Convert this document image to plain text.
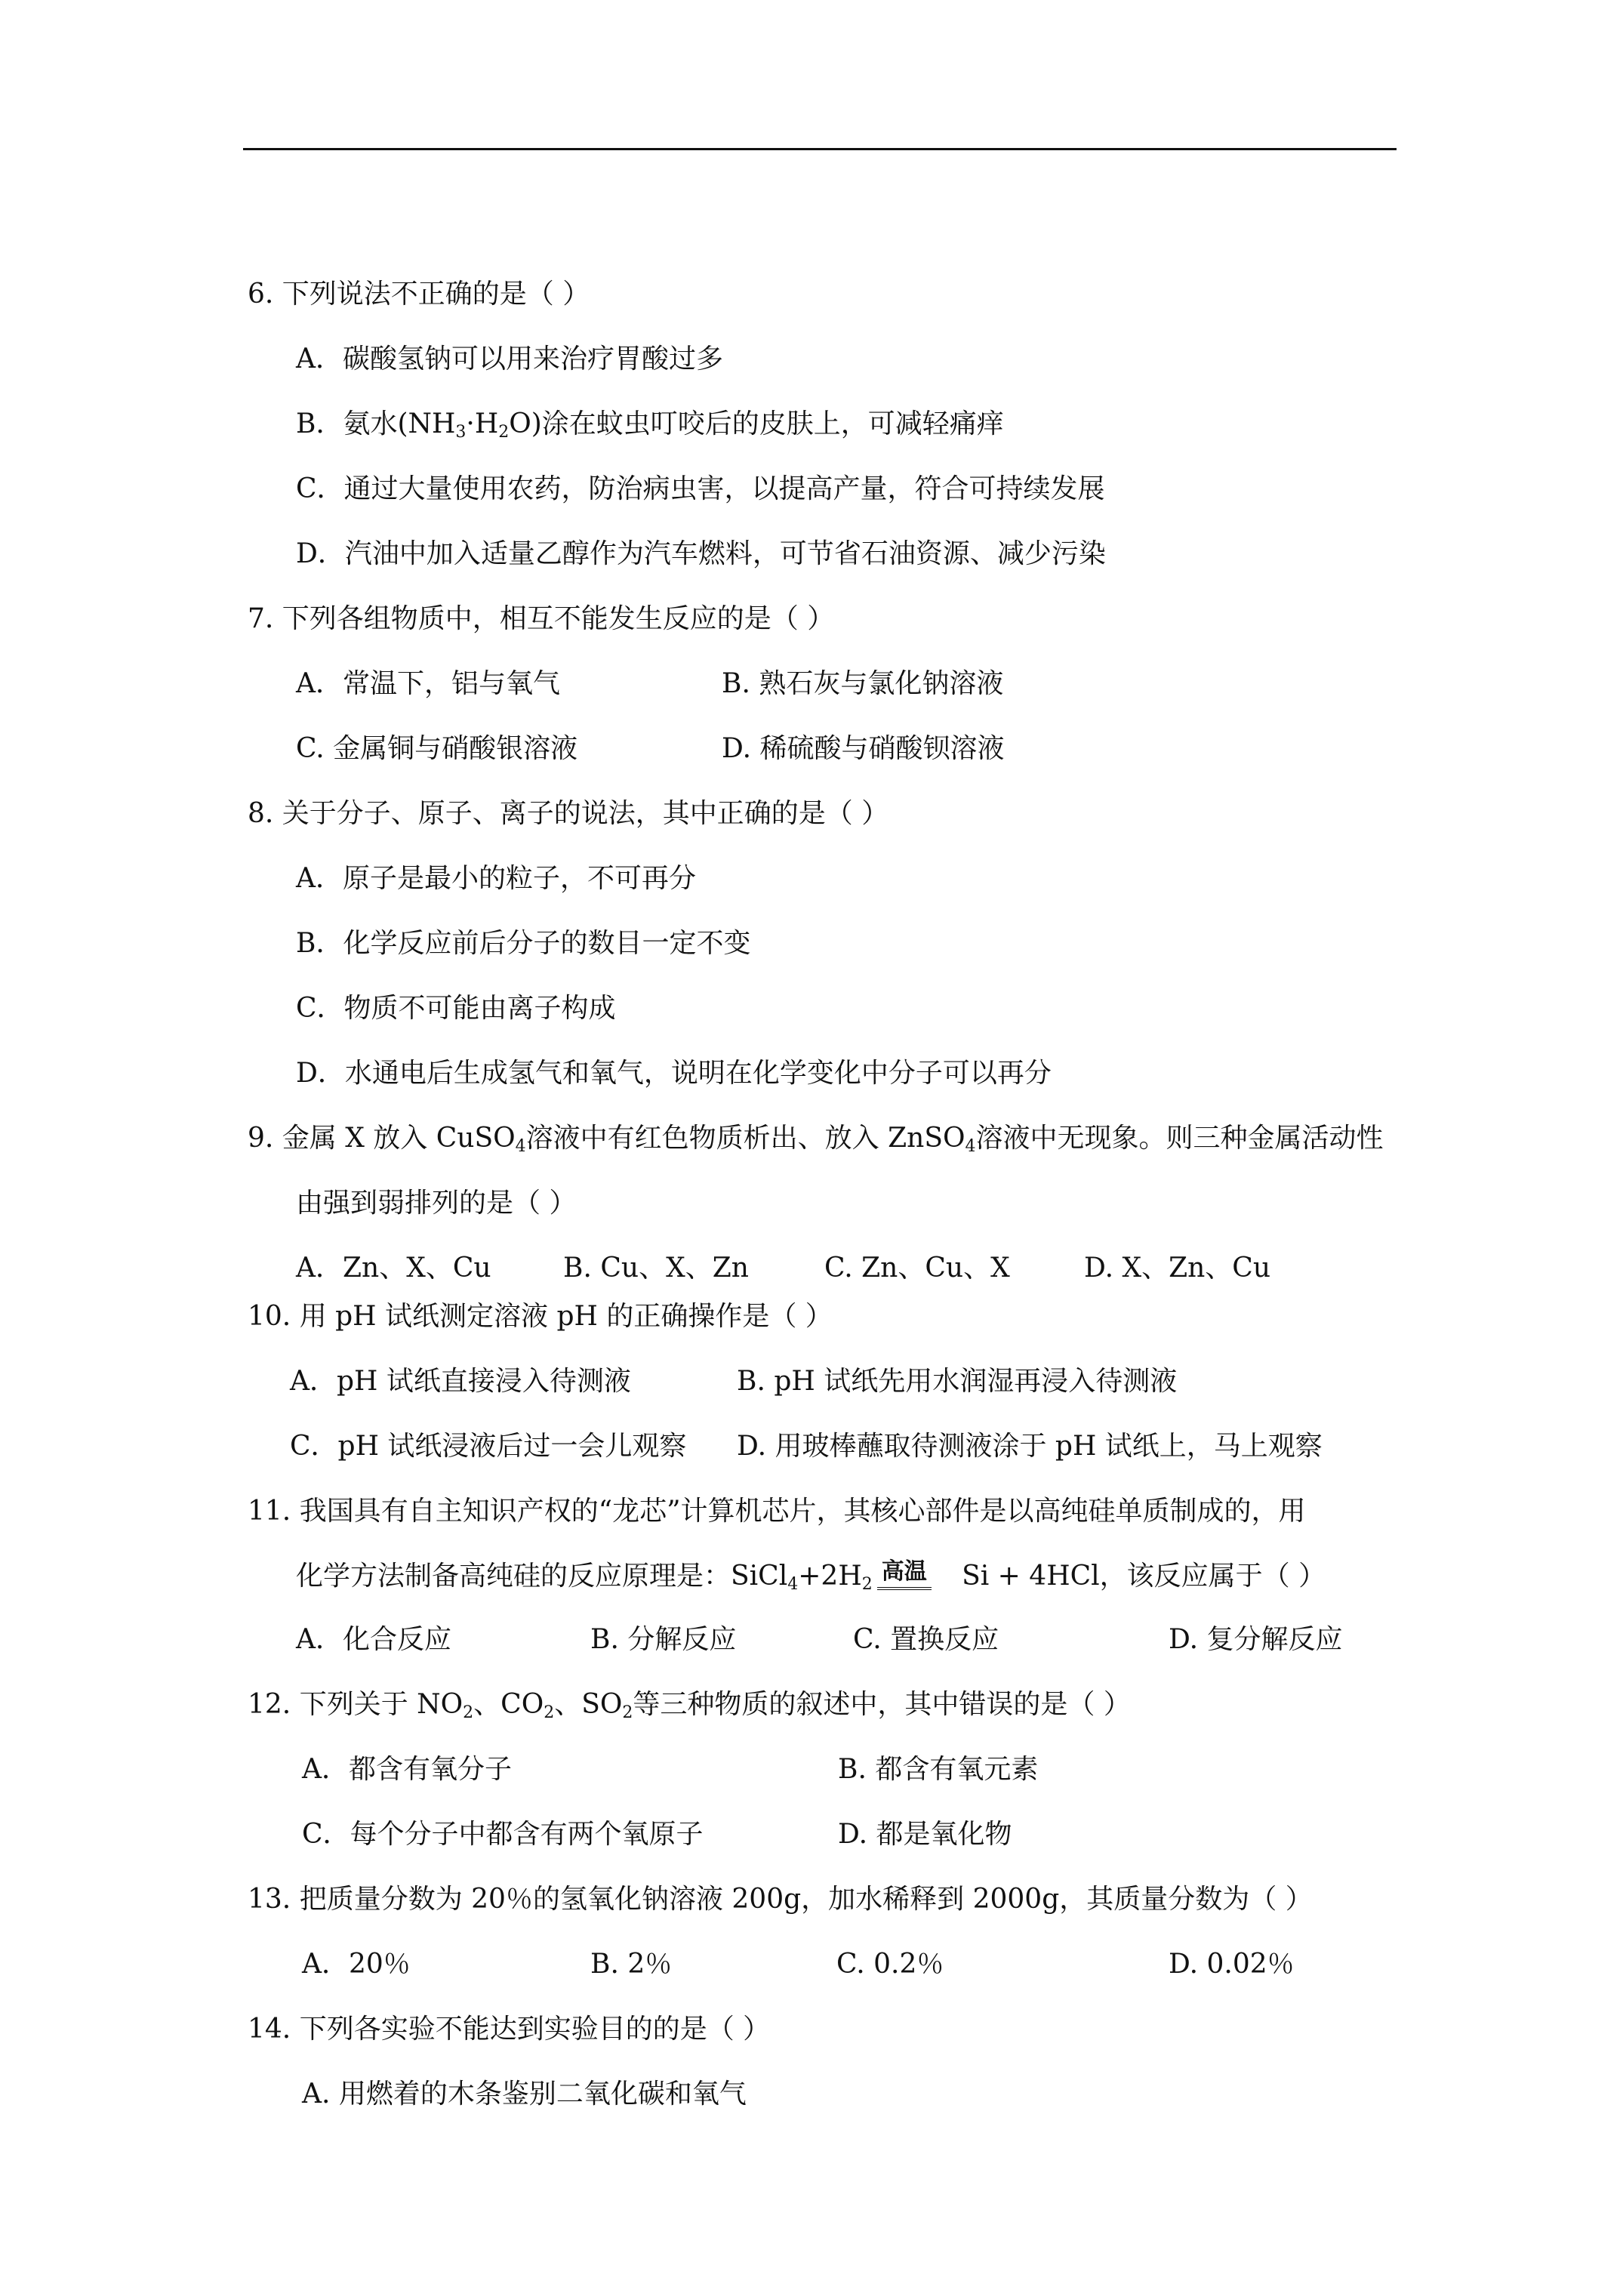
6. 下列说法不正确的是（ ）
A．碳酸氢钠可以用来治疗胃酸过多
B．氨水$(NH_3\cdot H_2O)$涂在蚊虫叮咬后的皮肤上，可减轻痛痒
C．通过大量使用农药，防治病虫害，以提高产量，符合可持续发展
D．汽油中加入适量乙醇作为汽车燃料，可节省石油资源、减少污染
7. 下列各组物质中，相互不能发生反应的是（ ）
A．常温下，铝与氧气	B. 熟石灰与氯化钠溶液
C. 金属铜与硝酸银溶液	D. 稀硫酸与硝酸钡溶液
8. 关于分子、原子、离子的说法，其中正确的是（ ）
A．原子是最小的粒子，不可再分
B．化学反应前后分子的数目一定不变
C．物质不可能由离子构成
D．水通电后生成氢气和氧气，说明在化学变化中分子可以再分
9. 金属 X 放入 CuSO$_4$溶液中有红色物质析出、放入 ZnSO$_4$溶液中无现象。则三种金属活动性
由强到弱排列的是（ ）
A．Zn、X、Cu	B. Cu、X、Zn	C. Zn、Cu、X	D. X、Zn、Cu
10. 用 pH 试纸测定溶液 pH 的正确操作是（ ）
A．pH 试纸直接浸入待测液	B. pH 试纸先用水润湿再浸入待测液
C．pH 试纸浸液后过一会儿观察 D. 用玻棒蘸取待测液涂于 pH 试纸上，马上观察
11. 我国具有自主知识产权的“龙芯”计算机芯片，其核心部件是以高纯硅单质制成的，用
化学方法制备高纯硅的反应原理是：$SiCl_4+2H_2$ $^{高温}$ Si + 4HCl，该反应属于（ ）
A．化合反应	B. 分解反应	C. 置换反应	D. 复分解反应
12. 下列关于 $NO_2$、$CO_2$、$SO_2$等三种物质的叙述中，其中错误的是（ ）
A．都含有氧分子	B. 都含有氧元素
C．每个分子中都含有两个氧原子	D. 都是氧化物
13. 把质量分数为 20％的氢氧化钠溶液 200g，加水稀释到 2000g，其质量分数为（ ）
A．20％	B. 2％	C. 0.2％	D. 0.02％
14. 下列各实验不能达到实验目的的是（ ）
A. 用燃着的木条鉴别二氧化碳和氧气
